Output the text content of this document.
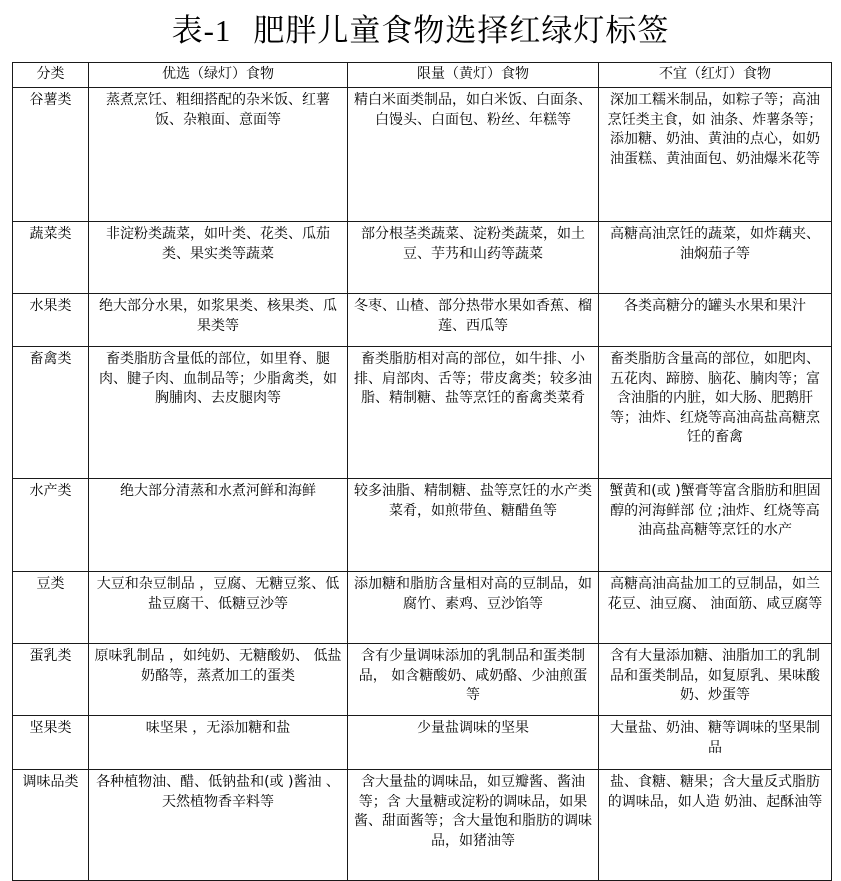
表-1 肥胖儿童食物选择红绿灯标签
分类	优选（绿灯）食物	限量（黄灯）食物	不宜（红灯）食物
谷薯类	蒸煮烹饪、粗细搭配的杂米饭、红薯饭、杂粮面、意面等	精白米面类制品，如白米饭、白面条、白馒头、白面包、粉丝、年糕等	深加工糯米制品，如粽子等；高油烹饪类主食，如 油条、炸薯条等；添加糖、奶油、黄油的点心，如奶油蛋糕、黄油面包、奶油爆米花等
蔬菜类	非淀粉类蔬菜，如叶类、花类、瓜茄类、果实类等蔬菜	部分根茎类蔬菜、淀粉类蔬菜，如土豆、芋艿和山药等蔬菜	高糖高油烹饪的蔬菜，如炸藕夹、油焖茄子等
水果类	绝大部分水果，如浆果类、核果类、瓜果类等	冬枣、山楂、部分热带水果如香蕉、榴莲、西瓜等	各类高糖分的罐头水果和果汁
畜禽类	畜类脂肪含量低的部位，如里脊、腿肉、腱子肉、血制品等；少脂禽类，如胸脯肉、去皮腿肉等	畜类脂肪相对高的部位，如牛排、小排、肩部肉、舌等；带皮禽类；较多油脂、精制糖、盐等烹饪的畜禽类菜肴	畜类脂肪含量高的部位，如肥肉、五花肉、蹄膀、脑花、腩肉等；富含油脂的内脏，如大肠、肥鹅肝等；油炸、红烧等高油高盐高糖烹饪的畜禽
水产类	绝大部分清蒸和水煮河鲜和海鲜	较多油脂、精制糖、盐等烹饪的水产类菜肴，如煎带鱼、糖醋鱼等	蟹黄和(或 )蟹膏等富含脂肪和胆固醇的河海鲜部 位 ;油炸、红烧等高油高盐高糖等烹饪的水产
豆类	大豆和杂豆制品 ，豆腐、无糖豆浆、低盐豆腐干、低糖豆沙等	添加糖和脂肪含量相对高的豆制品，如腐竹、素鸡、豆沙馅等	高糖高油高盐加工的豆制品，如兰花豆、油豆腐、 油面筋、咸豆腐等
蛋乳类	原味乳制品 ，如纯奶、无糖酸奶、 低盐奶酪等，蒸煮加工的蛋类	含有少量调味添加的乳制品和蛋类制品， 如含糖酸奶、咸奶酪、少油煎蛋等	含有大量添加糖、油脂加工的乳制品和蛋类制品，如复原乳、果味酸奶、炒蛋等
坚果类	味坚果 ，无添加糖和盐	少量盐调味的坚果	大量盐、奶油、糖等调味的坚果制品
调味品类	各种植物油、醋、低钠盐和(或 )酱油 、天然植物香辛料等	含大量盐的调味品，如豆瓣酱、酱油等；含 大量糖或淀粉的调味品，如果酱、甜面酱等；含大量饱和脂肪的调味品，如猪油等	盐、食糖、糖果；含大量反式脂肪的调味品，如人造 奶油、起酥油等
